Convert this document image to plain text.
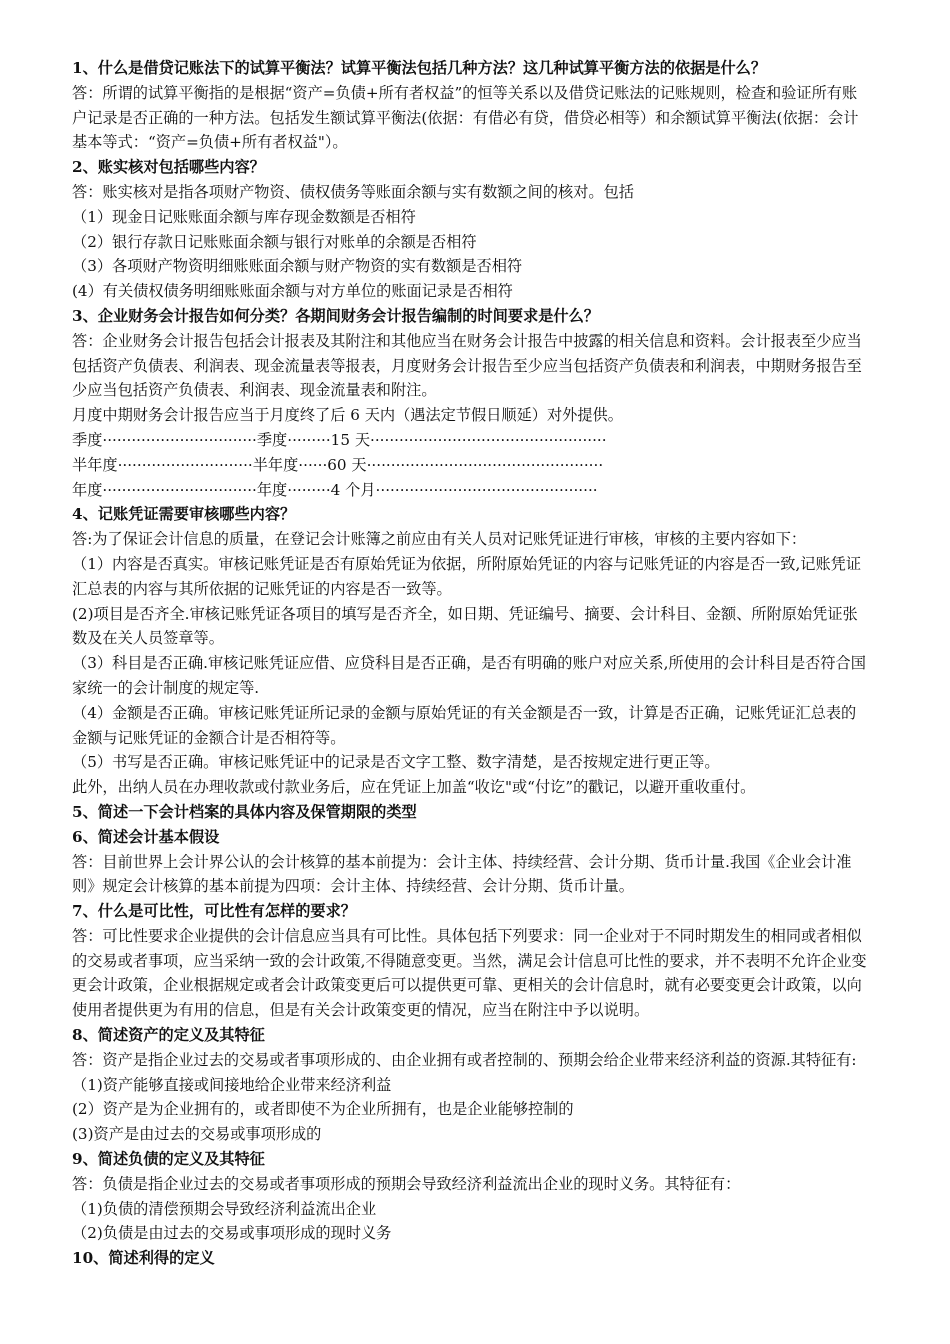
1、什么是借贷记账法下的试算平衡法？试算平衡法包括几种方法？这几种试算平衡方法的依据是什么？
答：所谓的试算平衡指的是根据“资产=负债+所有者权益”的恒等关系以及借贷记账法的记账规则，检查和验证所有账
户记录是否正确的一种方法。包括发生额试算平衡法(依据：有借必有贷，借贷必相等）和余额试算平衡法(依据：会计
基本等式：“资产=负债+所有者权益"）。
2、账实核对包括哪些内容？
答：账实核对是指各项财产物资、债权债务等账面余额与实有数额之间的核对。包括
（1）现金日记账账面余额与库存现金数额是否相符
（2）银行存款日记账账面余额与银行对账单的余额是否相符
（3）各项财产物资明细账账面余额与财产物资的实有数额是否相符
(4）有关债权债务明细账账面余额与对方单位的账面记录是否相符
3、企业财务会计报告如何分类？各期间财务会计报告编制的时间要求是什么？
答：企业财务会计报告包括会计报表及其附注和其他应当在财务会计报告中披露的相关信息和资料。会计报表至少应当
包括资产负债表、利润表、现金流量表等报表，月度财务会计报告至少应当包括资产负债表和利润表，中期财务报告至
少应当包括资产负债表、利润表、现金流量表和附注。
月度中期财务会计报告应当于月度终了后 6 天内（遇法定节假日顺延）对外提供。
季度································季度·········15 天·················································
半年度····························半年度······60 天·················································
年度································年度·········4 个月··············································
4、记账凭证需要审核哪些内容？
答:为了保证会计信息的质量，在登记会计账簿之前应由有关人员对记账凭证进行审核，审核的主要内容如下：
（1）内容是否真实。审核记账凭证是否有原始凭证为依据，所附原始凭证的内容与记账凭证的内容是否一致,记账凭证
汇总表的内容与其所依据的记账凭证的内容是否一致等。
(2)项目是否齐全.审核记账凭证各项目的填写是否齐全，如日期、凭证编号、摘要、会计科目、金额、所附原始凭证张
数及在关人员签章等。
（3）科目是否正确.审核记账凭证应借、应贷科目是否正确，是否有明确的账户对应关系,所使用的会计科目是否符合国
家统一的会计制度的规定等.
（4）金额是否正确。审核记账凭证所记录的金额与原始凭证的有关金额是否一致，计算是否正确，记账凭证汇总表的
金额与记账凭证的金额合计是否相符等。
（5）书写是否正确。审核记账凭证中的记录是否文字工整、数字清楚，是否按规定进行更正等。
此外，出纳人员在办理收款或付款业务后，应在凭证上加盖“收讫"或“付讫”的戳记，以避开重收重付。
5、简述一下会计档案的具体内容及保管期限的类型
6、简述会计基本假设
答：目前世界上会计界公认的会计核算的基本前提为：会计主体、持续经营、会计分期、货币计量.我国《企业会计准
则》规定会计核算的基本前提为四项：会计主体、持续经营、会计分期、货币计量。
7、什么是可比性，可比性有怎样的要求？
答：可比性要求企业提供的会计信息应当具有可比性。具体包括下列要求：同一企业对于不同时期发生的相同或者相似
的交易或者事项，应当采纳一致的会计政策,不得随意变更。当然，满足会计信息可比性的要求，并不表明不允许企业变
更会计政策，企业根据规定或者会计政策变更后可以提供更可靠、更相关的会计信息时，就有必要变更会计政策，以向
使用者提供更为有用的信息，但是有关会计政策变更的情况，应当在附注中予以说明。
8、简述资产的定义及其特征
答：资产是指企业过去的交易或者事项形成的、由企业拥有或者控制的、预期会给企业带来经济利益的资源.其特征有:
（1)资产能够直接或间接地给企业带来经济利益
(2）资产是为企业拥有的，或者即使不为企业所拥有，也是企业能够控制的
(3)资产是由过去的交易或事项形成的
9、简述负债的定义及其特征
答：负债是指企业过去的交易或者事项形成的预期会导致经济利益流出企业的现时义务。其特征有：
（1)负债的清偿预期会导致经济利益流出企业
（2)负债是由过去的交易或事项形成的现时义务
10、简述利得的定义
